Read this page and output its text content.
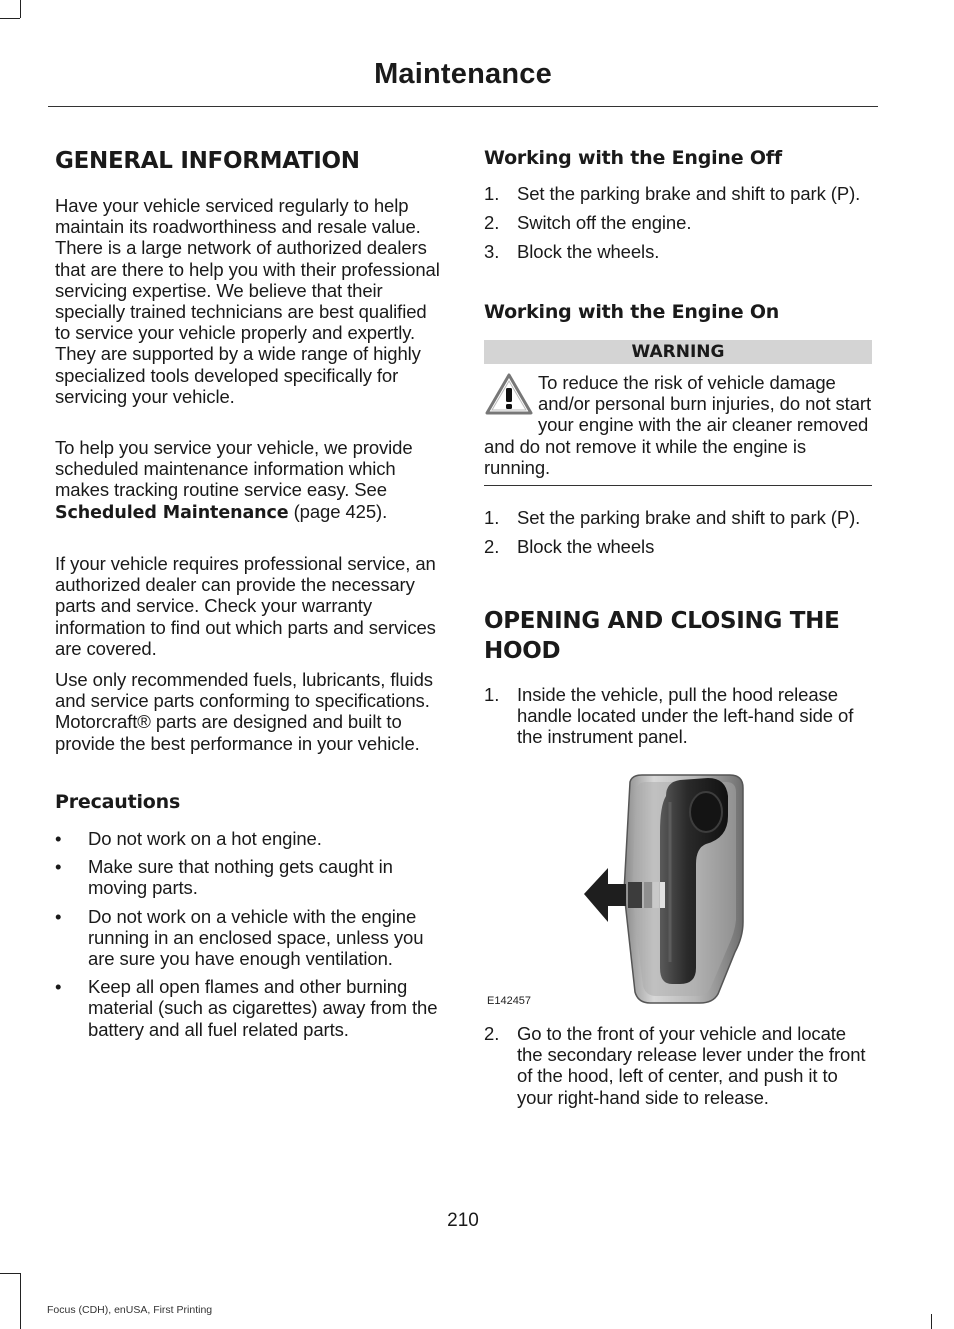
Maintenance
GENERAL INFORMATION

Have your vehicle serviced regularly to help maintain its roadworthiness and resale value. There is a large network of authorized dealers that are there to help you with their professional servicing expertise. We believe that their specially trained technicians are best qualified to service your vehicle properly and expertly. They are supported by a wide range of highly specialized tools developed specifically for servicing your vehicle.

To help you service your vehicle, we provide scheduled maintenance information which makes tracking routine service easy. See Scheduled Maintenance (page 425).

If your vehicle requires professional service, an authorized dealer can provide the necessary parts and service. Check your warranty information to find out which parts and services are covered.

Use only recommended fuels, lubricants, fluids and service parts conforming to specifications. Motorcraft® parts are designed and built to provide the best performance in your vehicle.

Precautions
• Do not work on a hot engine.
• Make sure that nothing gets caught in moving parts.
• Do not work on a vehicle with the engine running in an enclosed space, unless you are sure you have enough ventilation.
• Keep all open flames and other burning material (such as cigarettes) away from the battery and all fuel related parts.
Working with the Engine Off
1. Set the parking brake and shift to park (P).
2. Switch off the engine.
3. Block the wheels.
Working with the Engine On
WARNING

To reduce the risk of vehicle damage and/or personal burn injuries, do not start your engine with the air cleaner removed and do not remove it while the engine is running.

1. Set the parking brake and shift to park (P).
2. Block the wheels
OPENING AND CLOSING THE HOOD
1. Inside the vehicle, pull the hood release handle located under the left-hand side of the instrument panel.
E142457
2. Go to the front of your vehicle and locate the secondary release lever under the front of the hood, left of center, and push it to your right-hand side to release.
210
Focus (CDH), enUSA, First Printing
